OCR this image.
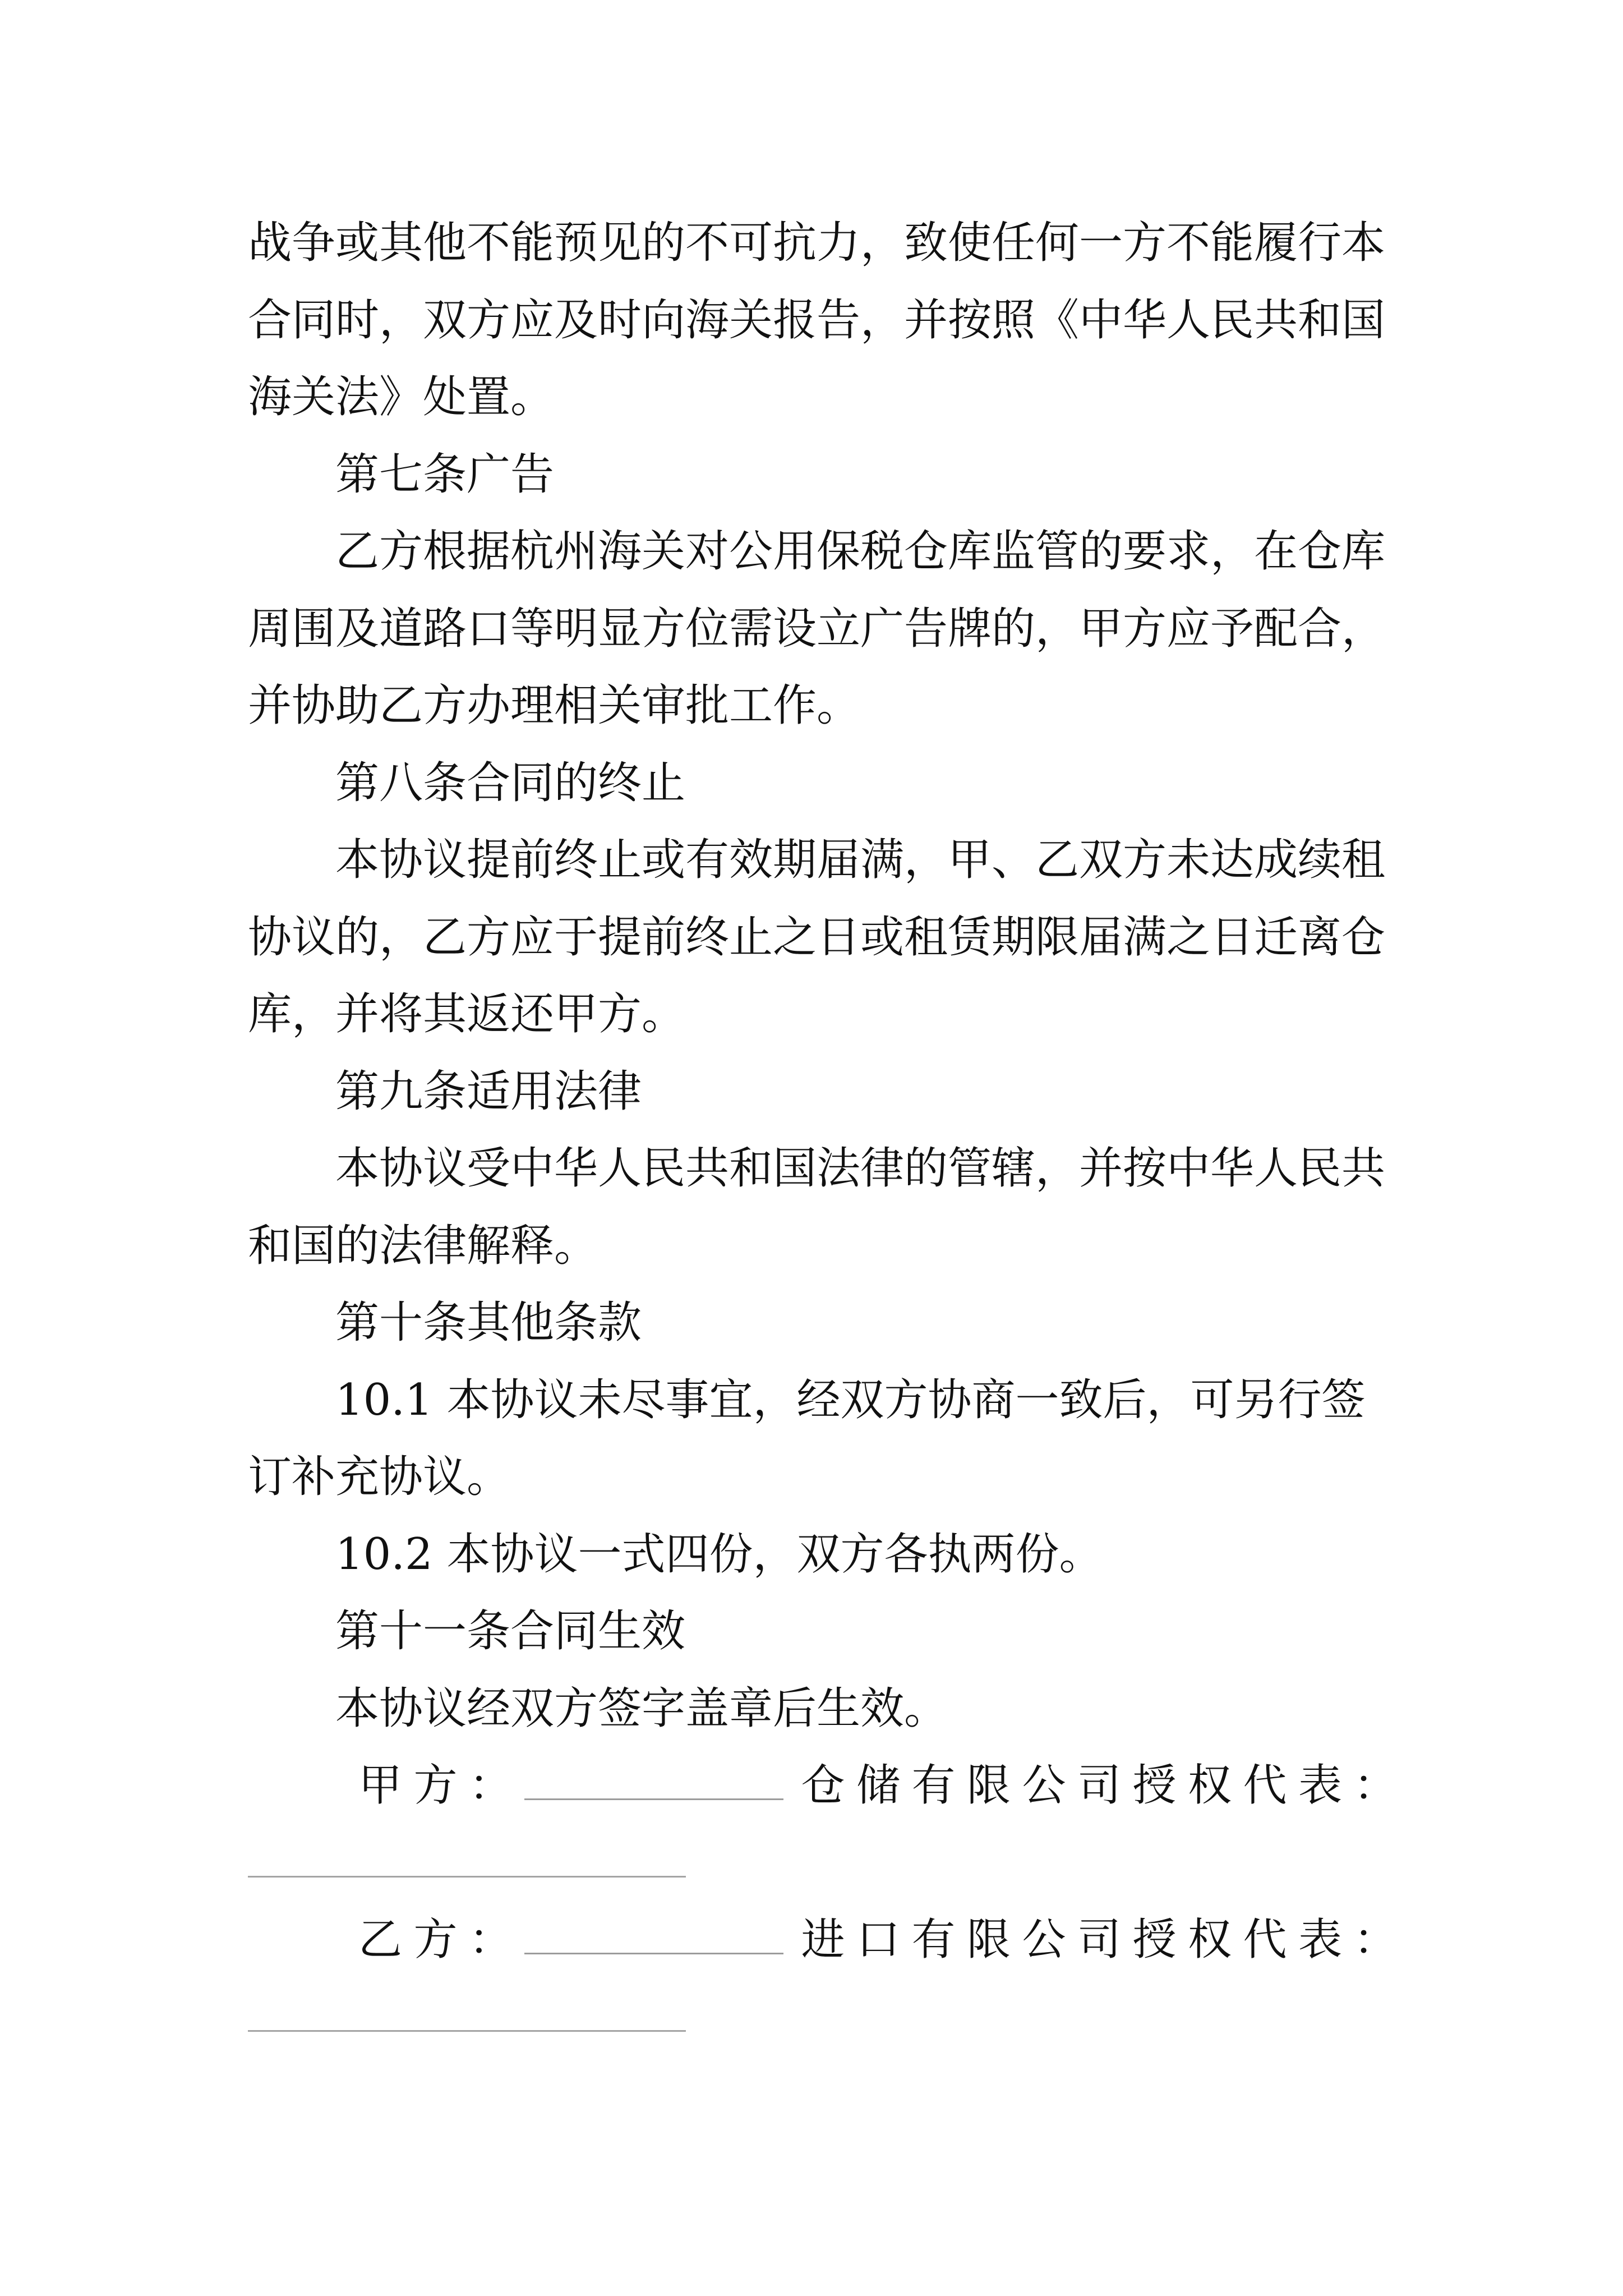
战争或其他不能预见的不可抗力，致使任何一方不能履行本
合同时，双方应及时向海关报告，并按照《中华人民共和国
海关法》处置。
第七条广告
乙方根据杭州海关对公用保税仓库监管的要求，在仓库
周围及道路口等明显方位需设立广告牌的，甲方应予配合，
并协助乙方办理相关审批工作。
第八条合同的终止
本协议提前终止或有效期届满，甲、乙双方未达成续租
协议的，乙方应于提前终止之日或租赁期限届满之日迁离仓
库，并将其返还甲方。
第九条适用法律
本协议受中华人民共和国法律的管辖，并按中华人民共
和国的法律解释。
第十条其他条款
10.1 本协议未尽事宜，经双方协商一致后，可另行签
订补充协议。
10.2 本协议一式四份，双方各执两份。
第十一条合同生效
本协议经双方签字盖章后生效。
甲方：	仓储有限公司授权代表：
乙方：	进口有限公司授权代表：
